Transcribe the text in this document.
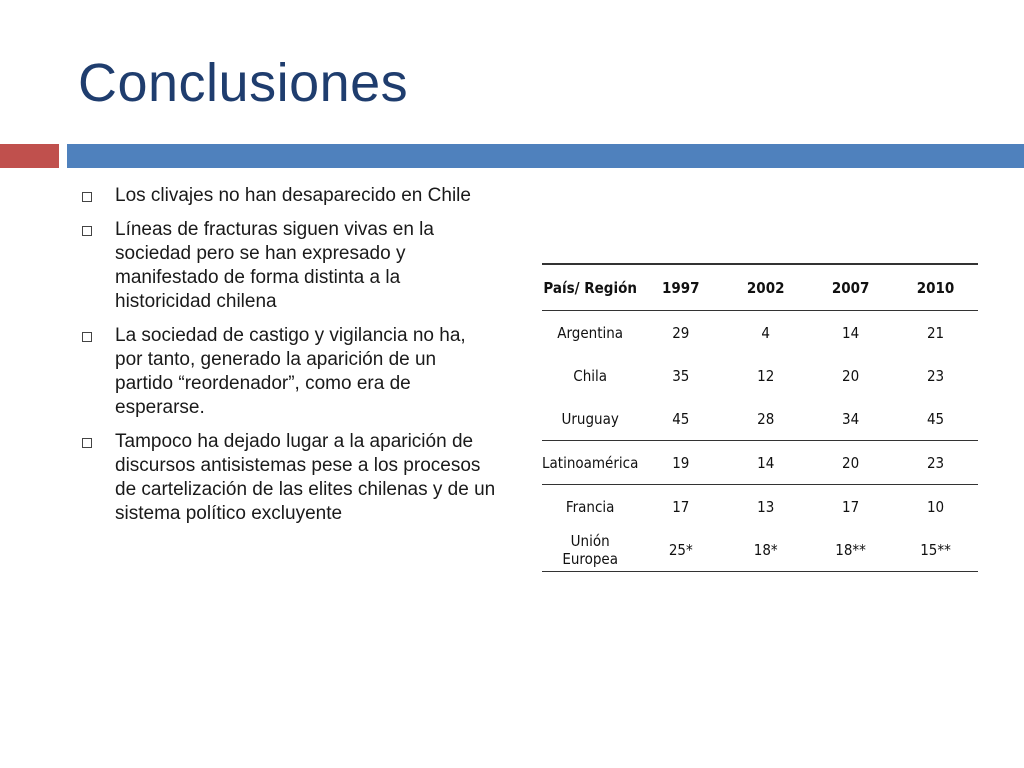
Conclusiones
Los clivajes no han desaparecido en Chile
Líneas de fracturas siguen vivas en la sociedad pero se han expresado y manifestado de forma distinta a la historicidad chilena
La sociedad de castigo y vigilancia no ha, por tanto, generado la aparición de un partido “reordenador”, como era de esperarse.
Tampoco ha dejado lugar a la aparición de discursos antisistemas pese a los procesos de cartelización de las elites chilenas y de un sistema político excluyente
País/ Región	1997	2002	2007	2010
Argentina	29	4	14	21
Chila	35	12	20	23
Uruguay	45	28	34	45
Latinoamérica	19	14	20	23
Francia	17	13	17	10
Unión Europea	25*	18*	18**	15**
